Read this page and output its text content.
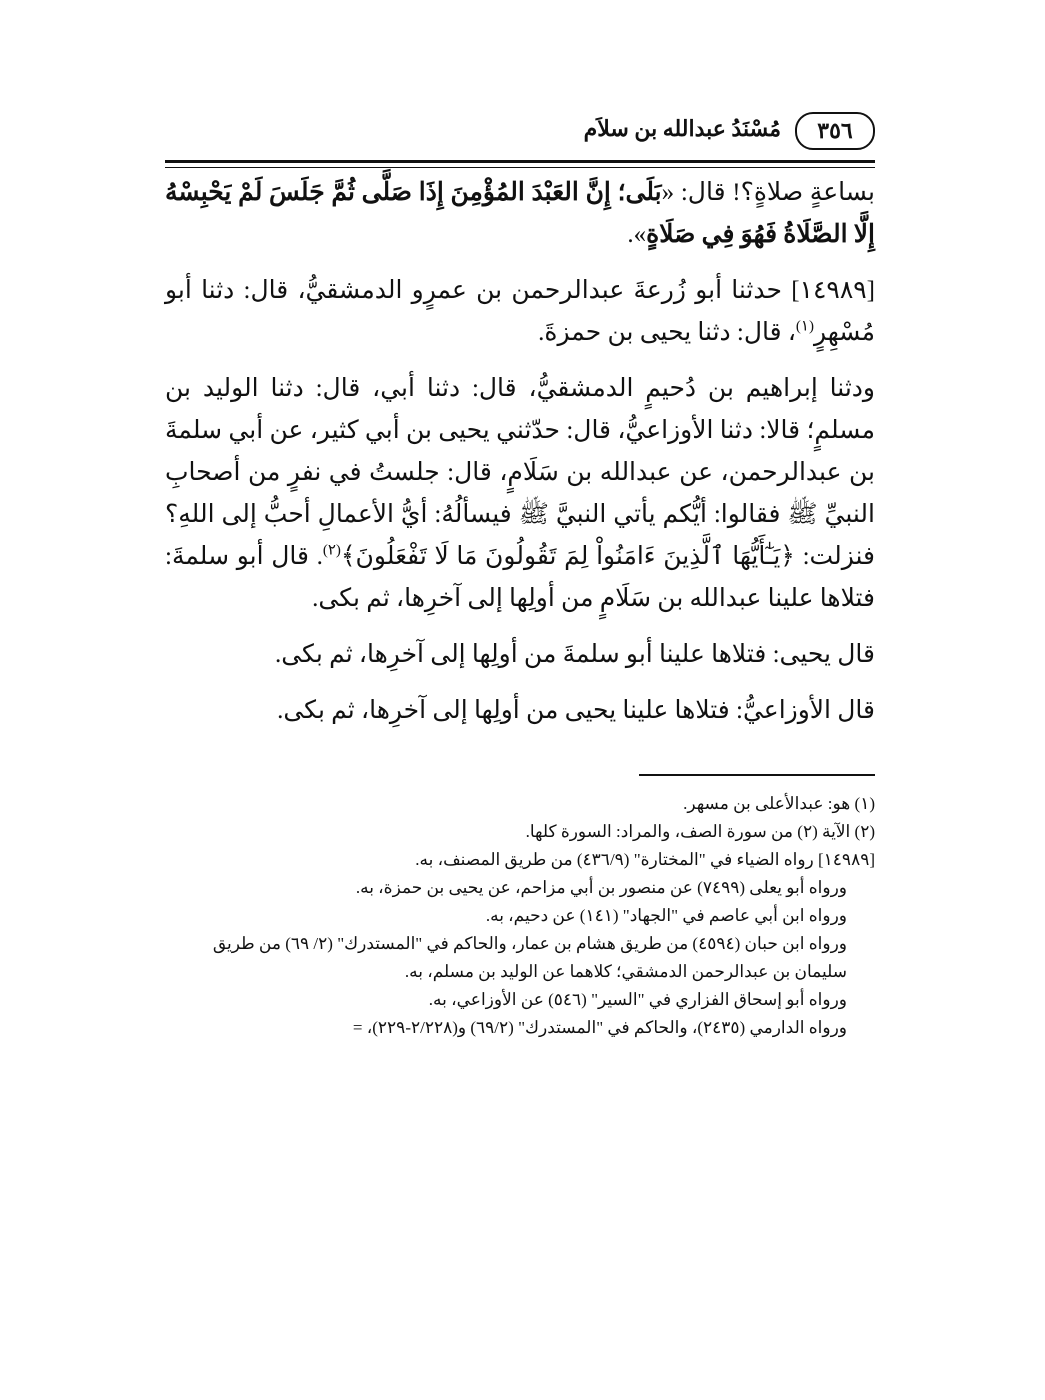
٣٥٦
مُسْنَدُ عبدالله بن سلاَم

بساعةٍ صلاةٍ؟! قال: «بَلَى؛ إِنَّ العَبْدَ المُؤْمِنَ إِذَا صَلَّى ثُمَّ جَلَسَ لَمْ يَحْبِسْهُ إِلَّا الصَّلَاةُ فَهُوَ فِي صَلَاةٍ».

[١٤٩٨٩] حدثنا أبو زُرعةَ عبدالرحمن بن عمرٍو الدمشقيُّ، قال: دثنا أبو مُسْهِرٍ$^{(١)}$، قال: دثنا يحيى بن حمزةَ.

ودثنا إبراهيم بن دُحيمٍ الدمشقيُّ، قال: دثنا أبي، قال: دثنا الوليد بن مسلمٍ؛ قالا: دثنا الأوزاعيُّ، قال: حدّثني يحيى بن أبي كثير، عن أبي سلمةَ بن عبدالرحمن، عن عبدالله بن سَلَامٍ، قال: جلستُ في نفرٍ من أصحابِ النبيِّ ﷺ فقالوا: أيُّكم يأتي النبيَّ ﷺ فيسألُهُ: أيُّ الأعمالِ أحبُّ إلى اللهِ؟ فنزلت: ﴿يَـٰٓأَيُّهَا ٱلَّذِينَ ءَامَنُواْ لِمَ تَقُولُونَ مَا لَا تَفْعَلُونَ﴾$^{(٢)}$. قال أبو سلمةَ: فتلاها علينا عبدالله بن سَلَامٍ من أولِها إلى آخرِها، ثم بكى.

قال يحيى: فتلاها علينا أبو سلمةَ من أولِها إلى آخرِها، ثم بكى.

قال الأوزاعيُّ: فتلاها علينا يحيى من أولِها إلى آخرِها، ثم بكى.

(١) هو: عبدالأعلى بن مسهر.

(٢) الآية (٢) من سورة الصف، والمراد: السورة كلها.

[١٤٩٨٩] رواه الضياء في "المختارة" (٤٣٦/٩) من طريق المصنف، به.

ورواه أبو يعلى (٧٤٩٩) عن منصور بن أبي مزاحم، عن يحيى بن حمزة، به.

ورواه ابن أبي عاصم في "الجهاد" (١٤١) عن دحيم، به.

ورواه ابن حبان (٤٥٩٤) من طريق هشام بن عمار، والحاكم في "المستدرك" (٢/ ٦٩) من طريق سليمان بن عبدالرحمن الدمشقي؛ كلاهما عن الوليد بن مسلم، به.

ورواه أبو إسحاق الفزاري في "السير" (٥٤٦) عن الأوزاعي، به.

ورواه الدارمي (٢٤٣٥)، والحاكم في "المستدرك" (٦٩/٢) و(٢/٢٢٨-٢٢٩)، =
